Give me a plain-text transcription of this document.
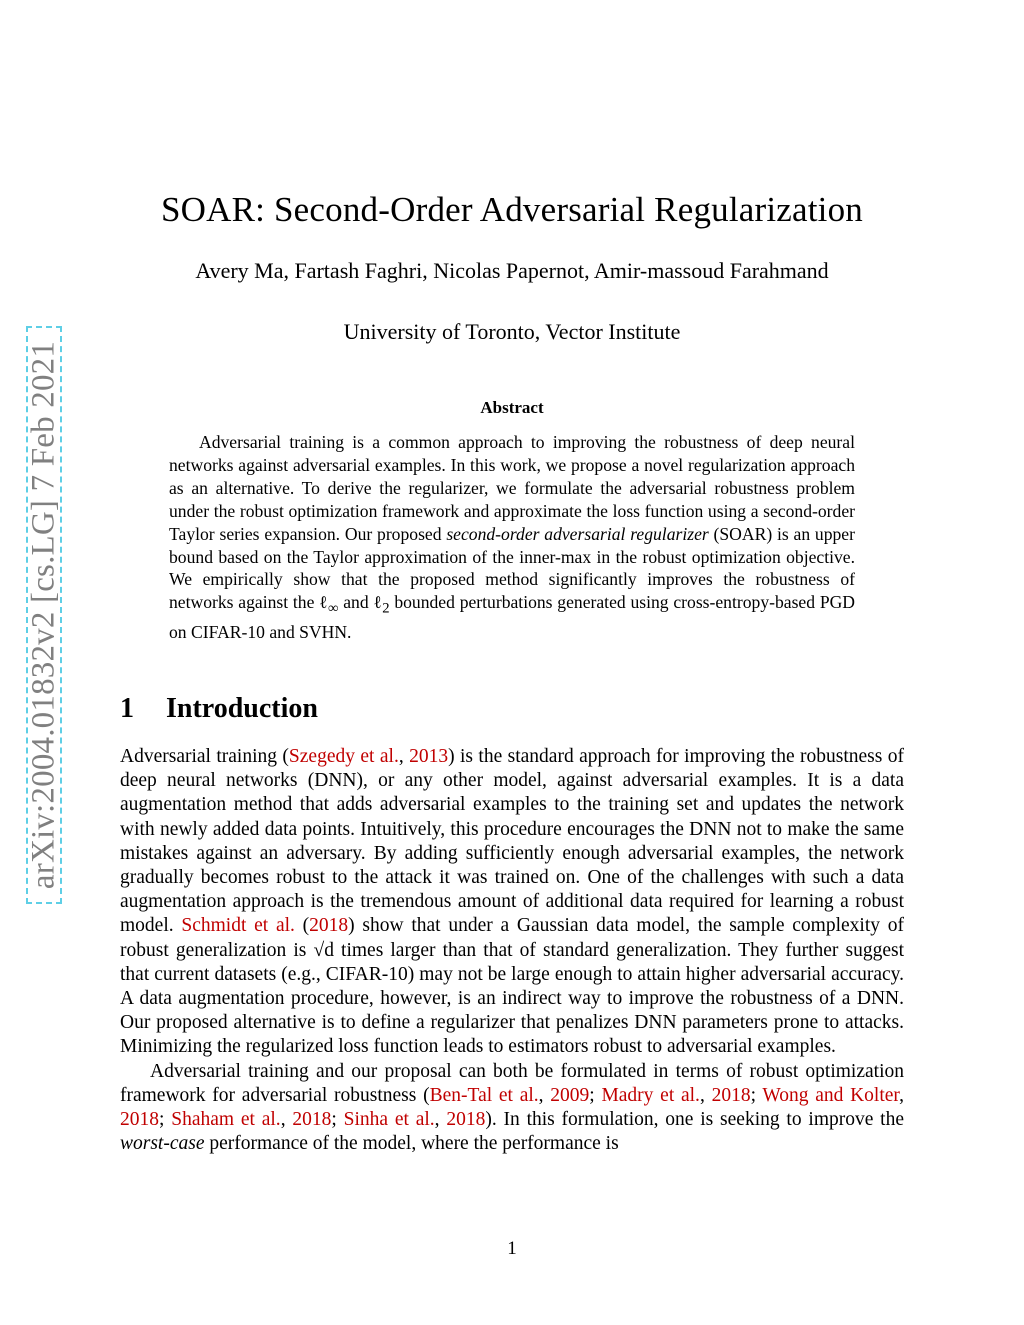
arXiv:2004.01832v2 [cs.LG] 7 Feb 2021
SOAR: Second-Order Adversarial Regularization
Avery Ma, Fartash Faghri, Nicolas Papernot, Amir-massoud Farahmand
University of Toronto, Vector Institute
Abstract

Adversarial training is a common approach to improving the robustness of deep neural networks against adversarial examples. In this work, we propose a novel regularization approach as an alternative. To derive the regularizer, we formulate the adversarial robustness problem under the robust optimization framework and approximate the loss function using a second-order Taylor series expansion. Our proposed second-order adversarial regularizer (SOAR) is an upper bound based on the Taylor approximation of the inner-max in the robust optimization objective. We empirically show that the proposed method significantly improves the robustness of networks against the ℓ$_\infty$ and ℓ$_2$ bounded perturbations generated using cross-entropy-based PGD on CIFAR-10 and SVHN.

1 Introduction

Adversarial training (Szegedy et al., 2013) is the standard approach for improving the robustness of deep neural networks (DNN), or any other model, against adversarial examples. It is a data augmentation method that adds adversarial examples to the training set and updates the network with newly added data points. Intuitively, this procedure encourages the DNN not to make the same mistakes against an adversary. By adding sufficiently enough adversarial examples, the network gradually becomes robust to the attack it was trained on. One of the challenges with such a data augmentation approach is the tremendous amount of additional data required for learning a robust model. Schmidt et al. (2018) show that under a Gaussian data model, the sample complexity of robust generalization is √d times larger than that of standard generalization. They further suggest that current datasets (e.g., CIFAR-10) may not be large enough to attain higher adversarial accuracy. A data augmentation procedure, however, is an indirect way to improve the robustness of a DNN. Our proposed alternative is to define a regularizer that penalizes DNN parameters prone to attacks. Minimizing the regularized loss function leads to estimators robust to adversarial examples.

Adversarial training and our proposal can both be formulated in terms of robust optimization framework for adversarial robustness (Ben-Tal et al., 2009; Madry et al., 2018; Wong and Kolter, 2018; Shaham et al., 2018; Sinha et al., 2018). In this formulation, one is seeking to improve the worst-case performance of the model, where the performance is

1
